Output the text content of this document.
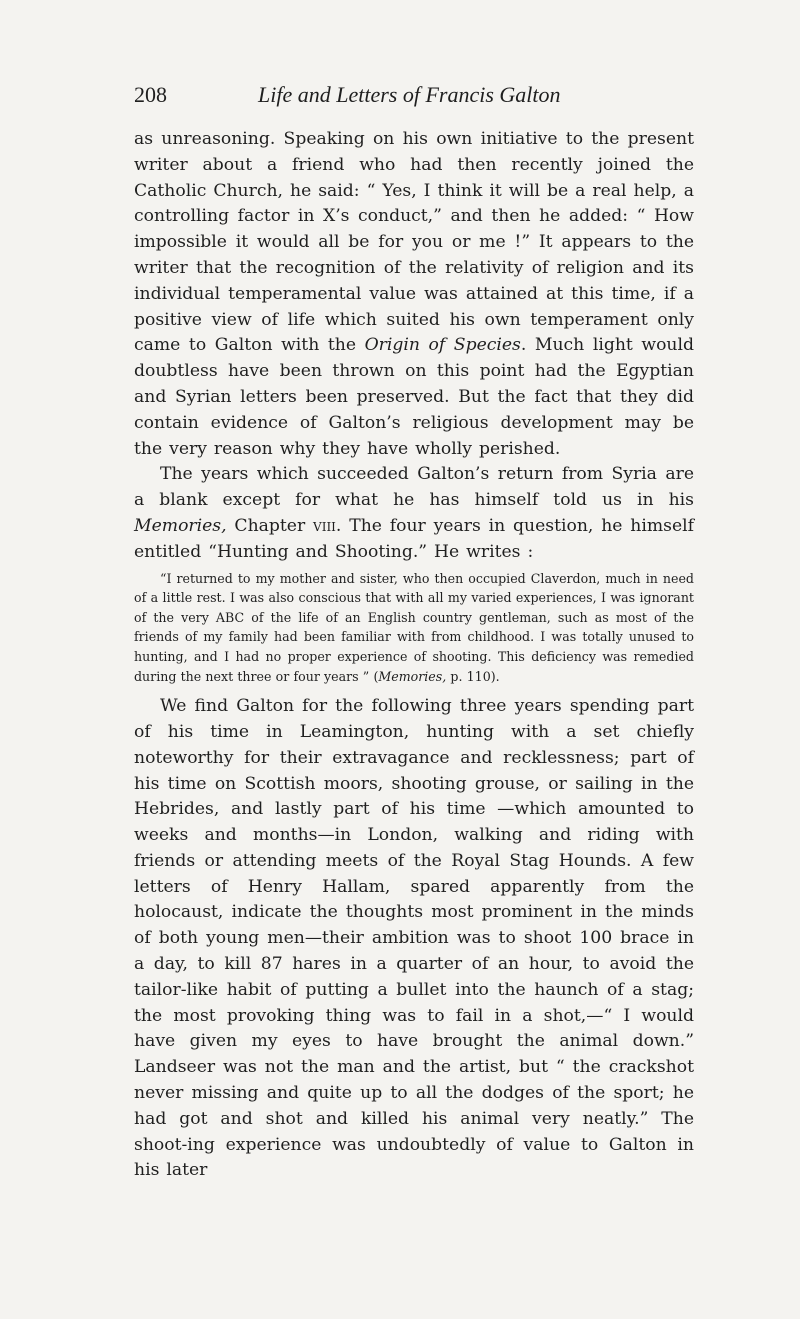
208	Life and Letters of Francis Galton

as unreasoning. Speaking on his own initiative to the present writer about a friend who had then recently joined the Catholic Church, he said: “ Yes, I think it will be a real help, a controlling factor in X’s conduct,” and then he added: “ How impossible it would all be for you or me !” It appears to the writer that the recognition of the relativity of religion and its individual temperamental value was attained at this time, if a positive view of life which suited his own temperament only came to Galton with the Origin of Species. Much light would doubtless have been thrown on this point had the Egyptian and Syrian letters been preserved. But the fact that they did contain evidence of Galton’s religious development may be the very reason why they have wholly perished.

The years which succeeded Galton’s return from Syria are a blank except for what he has himself told us in his Memories, Chapter viii. The four years in question, he himself entitled “Hunting and Shooting.” He writes :

“I returned to my mother and sister, who then occupied Claverdon, much in need of a little rest. I was also conscious that with all my varied experiences, I was ignorant of the very ABC of the life of an English country gentleman, such as most of the friends of my family had been familiar with from childhood. I was totally unused to hunting, and I had no proper experience of shooting. This deficiency was remedied during the next three or four years ” (Memories, p. 110).

We find Galton for the following three years spending part of his time in Leamington, hunting with a set chiefly noteworthy for their extravagance and recklessness; part of his time on Scottish moors, shooting grouse, or sailing in the Hebrides, and lastly part of his time —which amounted to weeks and months—in London, walking and riding with friends or attending meets of the Royal Stag Hounds. A few letters of Henry Hallam, spared apparently from the holocaust, indicate the thoughts most prominent in the minds of both young men—their ambition was to shoot 100 brace in a day, to kill 87 hares in a quarter of an hour, to avoid the tailor-like habit of putting a bullet into the haunch of a stag; the most provoking thing was to fail in a shot,—“ I would have given my eyes to have brought the animal down.” Landseer was not the man and the artist, but “ the crackshot never missing and quite up to all the dodges of the sport; he had got and shot and killed his animal very neatly.” The shoot-ing experience was undoubtedly of value to Galton in his later
